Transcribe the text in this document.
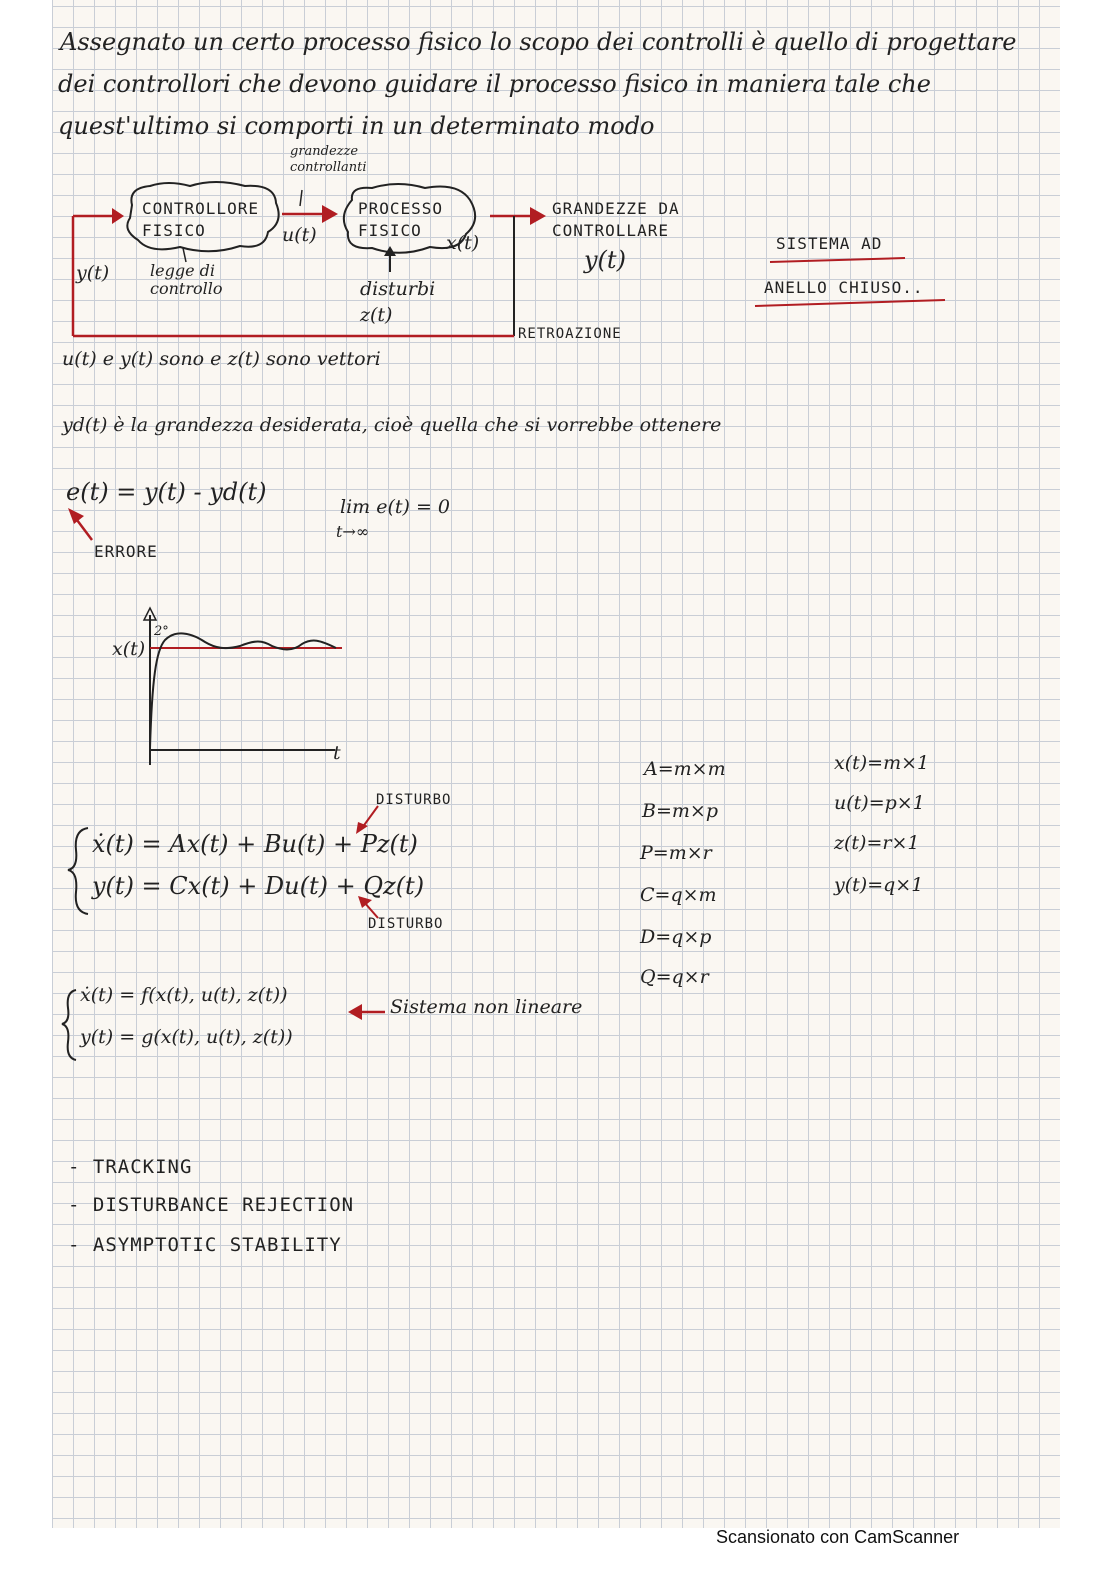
Assegnato un certo processo fisico lo scopo dei controlli è quello di progettare
dei controllori che devono guidare il processo fisico in maniera tale che
quest'ultimo si comporti in un determinato modo
CONTROLLORE
FISICO
legge di
controllo
grandezze
controllanti
u(t)
PROCESSO
FISICO
x(t)
disturbi
z(t)
GRANDEZZE DA
CONTROLLARE
y(t)
y(t)
RETROAZIONE
SISTEMA AD
ANELLO CHIUSO..
u(t) e y(t) sono e z(t) sono vettori
yd(t) è la grandezza desiderata, cioè quella che si vorrebbe ottenere
e(t) = y(t) - yd(t)
ERRORE
lim e(t) = 0
t→∞
x(t)
t
2°
ẋ(t) = Ax(t) + Bu(t) + Pz(t)
y(t) = Cx(t) + Du(t) + Qz(t)
DISTURBO
DISTURBO
A=m×m
B=m×p
P=m×r
C=q×m
D=q×p
Q=q×r
x(t)=m×1
u(t)=p×1
z(t)=r×1
y(t)=q×1
ẋ(t) = f(x(t), u(t), z(t))
y(t) = g(x(t), u(t), z(t))
Sistema non lineare
- TRACKING
- DISTURBANCE REJECTION
- ASYMPTOTIC STABILITY
Scansionato con CamScanner
